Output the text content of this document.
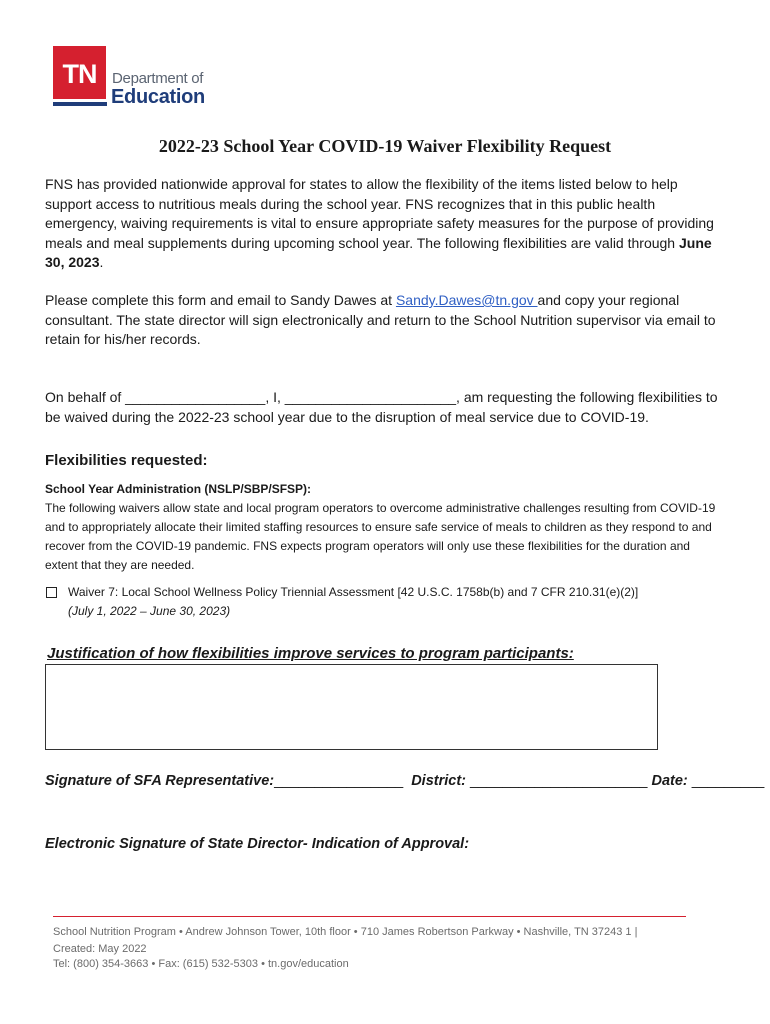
TN	Department of
Education
2022-23 School Year COVID-19 Waiver Flexibility Request
FNS has provided nationwide approval for states to allow the flexibility of the items listed below to help support access to nutritious meals during the school year. FNS recognizes that in this public health emergency, waiving requirements is vital to ensure appropriate safety measures for the purpose of providing meals and meal supplements during upcoming school year. The following flexibilities are valid through June 30, 2023.
Please complete this form and email to Sandy Dawes at Sandy.Dawes@tn.gov and copy your regional consultant. The state director will sign electronically and return to the School Nutrition supervisor via email to retain for his/her records.
On behalf of __________________, I, ______________________, am requesting the following flexibilities to be waived during the 2022-23 school year due to the disruption of meal service due to COVID-19.
Flexibilities requested:
School Year Administration (NSLP/SBP/SFSP):
The following waivers allow state and local program operators to overcome administrative challenges resulting from COVID-19 and to appropriately allocate their limited staffing resources to ensure safe service of meals to children as they respond to and recover from the COVID-19 pandemic. FNS expects program operators will only use these flexibilities for the duration and extent that they are needed.
Waiver 7: Local School Wellness Policy Triennial Assessment [42 U.S.C. 1758b(b) and 7 CFR 210.31(e)(2)]
(July 1, 2022 – June 30, 2023)
Justification of how flexibilities improve services to program participants:
Signature of SFA Representative:________________ District: ______________________ Date: _________
Electronic Signature of State Director- Indication of Approval:
School Nutrition Program • Andrew Johnson Tower, 10th floor • 710 James Robertson Parkway • Nashville, TN 37243 1 |
Created: May 2022
Tel: (800) 354-3663 • Fax: (615) 532-5303 • tn.gov/education
